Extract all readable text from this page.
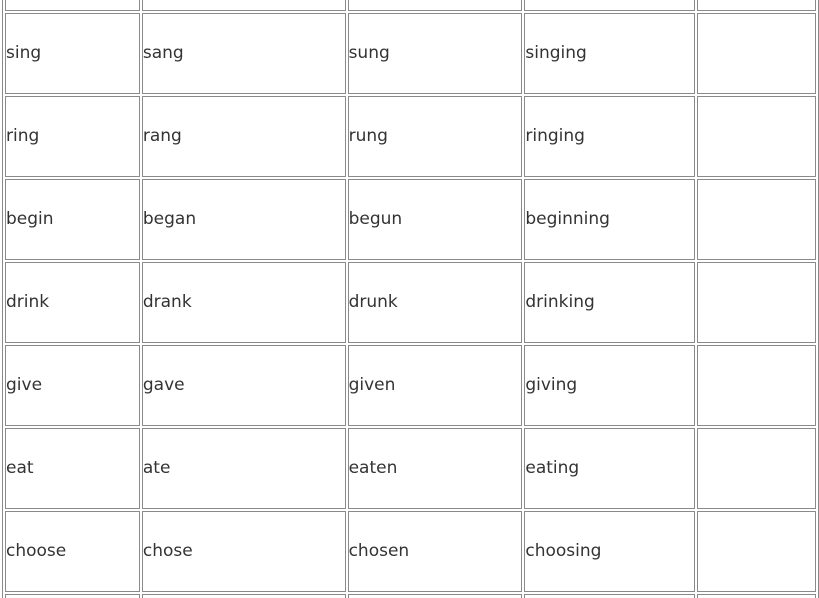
sing	sang	sung	singing	
ring	rang	rung	ringing	
begin	began	begun	beginning	
drink	drank	drunk	drinking	
give	gave	given	giving	
eat	ate	eaten	eating	
choose	chose	chosen	choosing	
